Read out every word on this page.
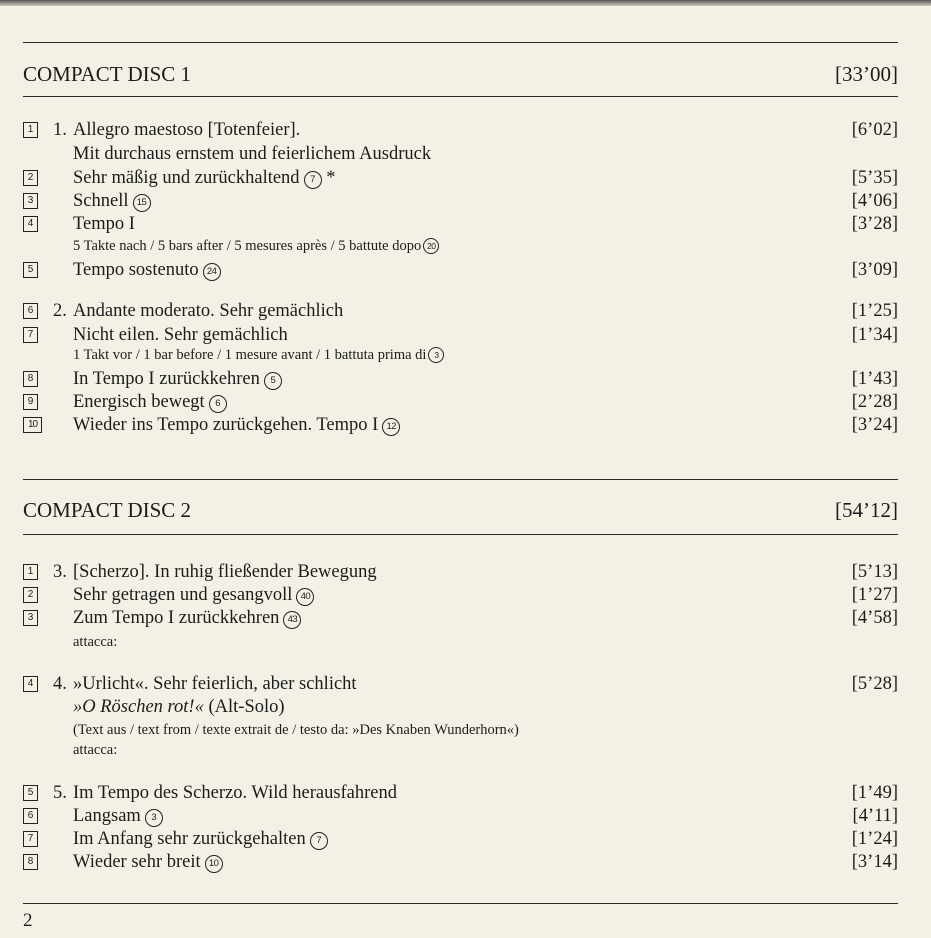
COMPACT DISC 1	[33’00]
1 1. Allegro maestoso [Totenfeier].	[6’02]
Mit durchaus ernstem und feierlichem Ausdruck
2 Sehr mäßig und zurückhaltend 7 *	[5’35]
3 Schnell 15	[4’06]
4 Tempo I	[3’28]
5 Takte nach / 5 bars after / 5 mesures après / 5 battute dopo 20
5 Tempo sostenuto 24	[3’09]
6 2. Andante moderato. Sehr gemächlich	[1’25]
7 Nicht eilen. Sehr gemächlich	[1’34]
1 Takt vor / 1 bar before / 1 mesure avant / 1 battuta prima di 3
8 In Tempo I zurückkehren 5	[1’43]
9 Energisch bewegt 6	[2’28]
10 Wieder ins Tempo zurückgehen. Tempo I 12	[3’24]
COMPACT DISC 2	[54’12]
1 3. [Scherzo]. In ruhig fließender Bewegung	[5’13]
2 Sehr getragen und gesangvoll 40	[1’27]
3 Zum Tempo I zurückkehren 43	[4’58]
attacca:
4 4. »Urlicht«. Sehr feierlich, aber schlicht	[5’28]
»O Röschen rot!« (Alt-Solo)
(Text aus / text from / texte extrait de / testo da: »Des Knaben Wunderhorn«)
attacca:
5 5. Im Tempo des Scherzo. Wild herausfahrend	[1’49]
6 Langsam 3	[4’11]
7 Im Anfang sehr zurückgehalten 7	[1’24]
8 Wieder sehr breit 10	[3’14]
2
